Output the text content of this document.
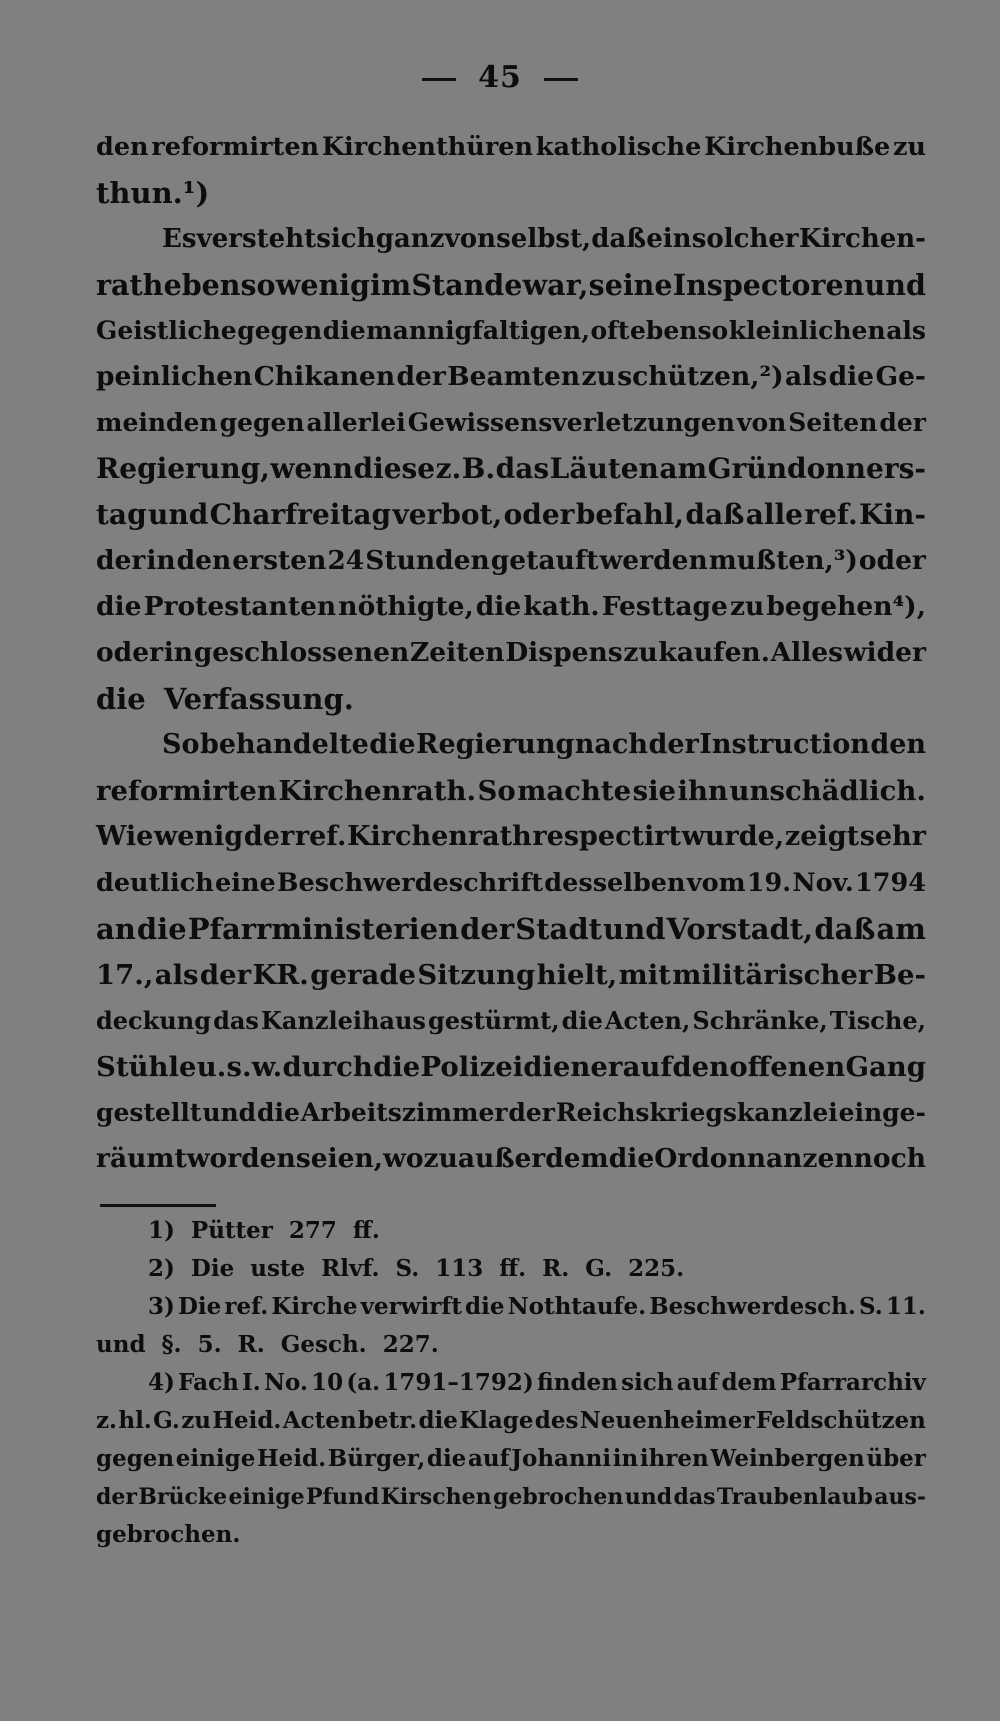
45
den reformirten Kirchenthüren katholische Kirchenbuße zu
thun.¹)
Es versteht sich ganz von selbst, daß ein solcher Kirchen-
rath ebenso wenig im Stande war, seine Inspectoren und
Geistliche gegen die mannigfaltigen, oft ebenso kleinlichen als
peinlichen Chikanen der Beamten zu schützen,²) als die Ge-
meinden gegen allerlei Gewissensverletzungen von Seiten der
Regierung, wenn diese z. B. das Läuten am Gründonners-
tag und Charfreitag verbot, oder befahl, daß alle ref. Kin-
der in den ersten 24 Stunden getauft werden mußten,³) oder
die Protestanten nöthigte, die kath. Festtage zu begehen⁴),
oder in geschlossenen Zeiten Dispens zu kaufen. Alles wider
die Verfassung.
So behandelte die Regierung nach der Instruction den
reformirten Kirchenrath. So machte sie ihn unschädlich.
Wie wenig der ref. Kirchenrath respectirt wurde, zeigt sehr
deutlich eine Beschwerdeschrift desselben vom 19. Nov. 1794
an die Pfarrministerien der Stadt und Vorstadt, daß am
17., als der KR. gerade Sitzung hielt, mit militärischer Be-
deckung das Kanzleihaus gestürmt, die Acten, Schränke, Tische,
Stühle u. s. w. durch die Polizeidiener auf den offenen Gang
gestellt und die Arbeitszimmer der Reichskriegskanzlei einge-
räumt worden seien, wozu außerdem die Ordonnanzen noch
1) Pütter 277 ff.
2) Die uste Rlvf. S. 113 ff. R. G. 225.
3) Die ref. Kirche verwirft die Nothtaufe. Beschwerdesch. S. 11.
und §. 5. R. Gesch. 227.
4) Fach I. No. 10 (a. 1791–1792) finden sich auf dem Pfarrarchiv
z. hl. G. zu Heid. Acten betr. die Klage des Neuenheimer Feldschützen
gegen einige Heid. Bürger, die auf Johanni in ihren Weinbergen über
der Brücke einige Pfund Kirschen gebrochen und das Traubenlaub aus-
gebrochen.
